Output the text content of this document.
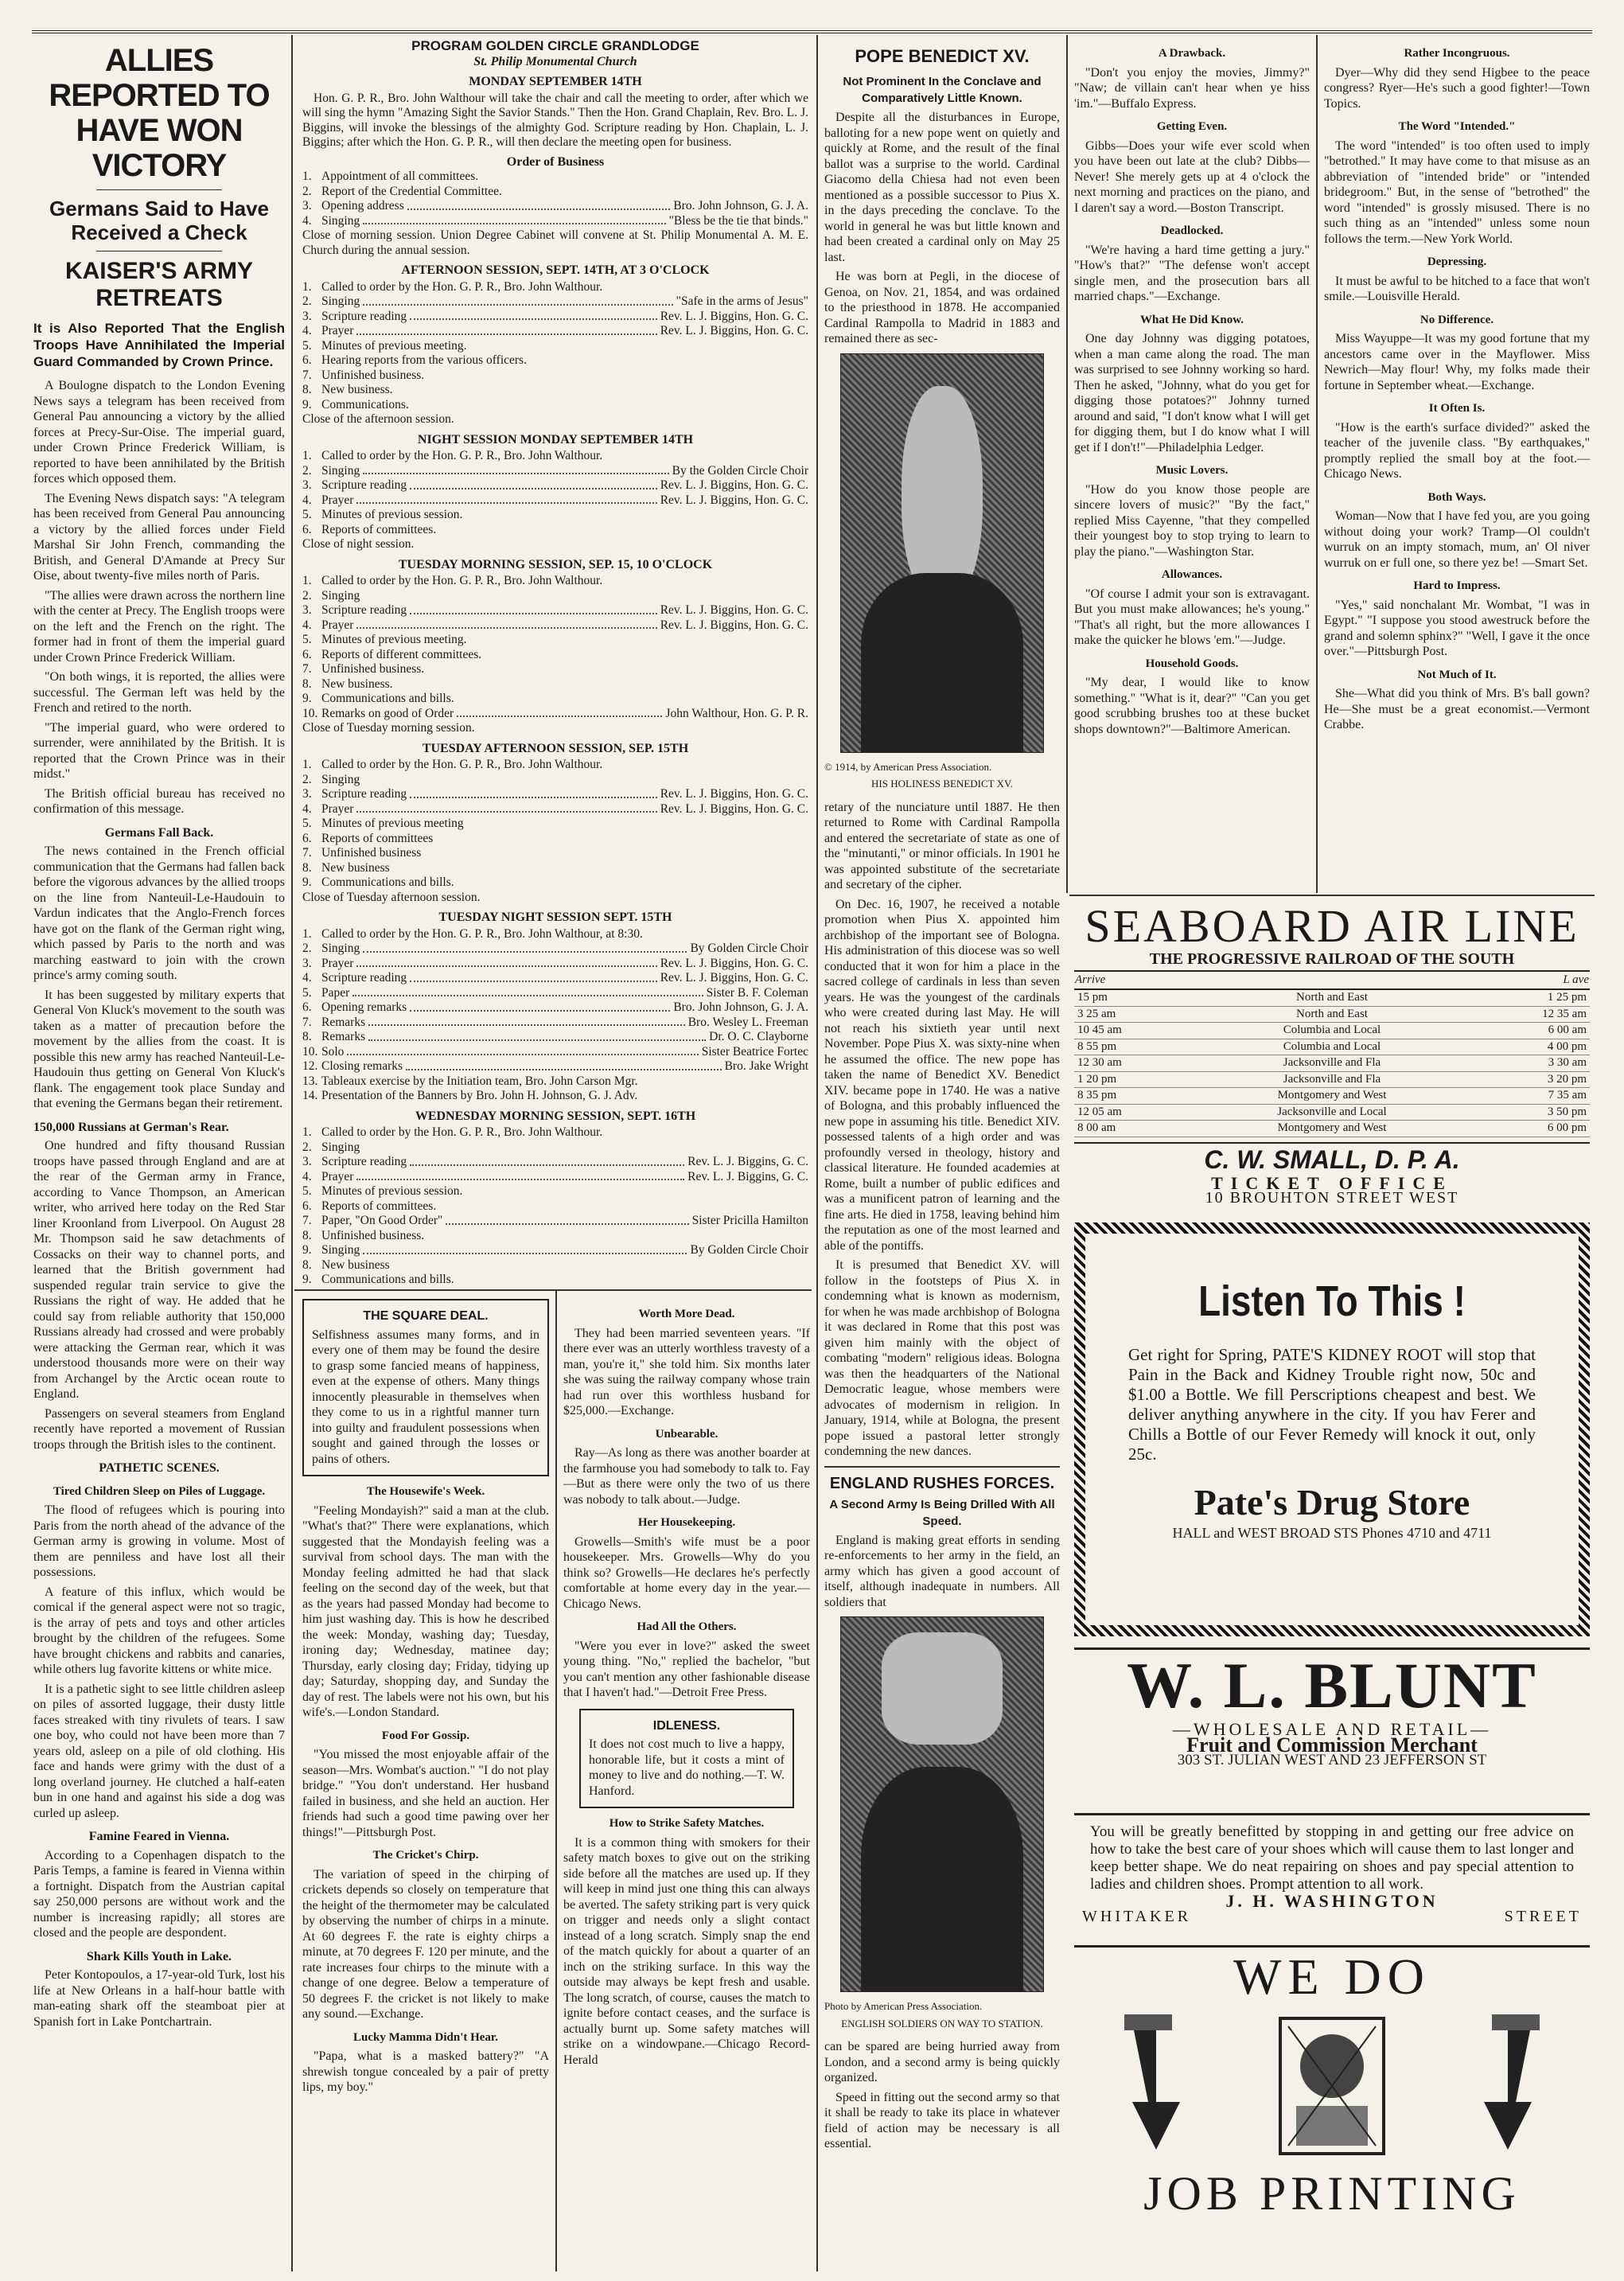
ALLIES REPORTED TO HAVE WON VICTORY
Germans Said to Have Received a Check
KAISER'S ARMY RETREATS
It is Also Reported That the English Troops Have Annihilated the Imperial Guard Commanded by Crown Prince.

A Boulogne dispatch to the London Evening News says a telegram has been received from General Pau announcing a victory by the allied forces at Precy-Sur-Oise. The imperial guard, under Crown Prince Frederick William, is reported to have been annihilated by the British forces which opposed them.

The Evening News dispatch says: "A telegram has been received from General Pau announcing a victory by the allied forces under Field Marshal Sir John French, commanding the British, and General D'Amande at Precy Sur Oise, about twenty-five miles north of Paris.

"The allies were drawn across the northern line with the center at Precy. The English troops were on the left and the French on the right. The former had in front of them the imperial guard under Crown Prince Frederick William.

"On both wings, it is reported, the allies were successful. The German left was held by the French and retired to the north.

"The imperial guard, who were ordered to surrender, were annihilated by the British. It is reported that the Crown Prince was in their midst."

The British official bureau has received no confirmation of this message.

Germans Fall Back.

The news contained in the French official communication that the Germans had fallen back before the vigorous advances by the allied troops on the line from Nanteuil-Le-Haudouin to Vardun indicates that the Anglo-French forces have got on the flank of the German right wing, which passed by Paris to the north and was marching eastward to join with the crown prince's army coming south.

It has been suggested by military experts that General Von Kluck's movement to the south was taken as a matter of precaution before the movement by the allies from the coast. It is possible this new army has reached Nanteuil-Le-Haudouin thus getting on General Von Kluck's flank. The engagement took place Sunday and that evening the Germans began their retirement.

150,000 Russians at German's Rear.

One hundred and fifty thousand Russian troops have passed through England and are at the rear of the German army in France, according to Vance Thompson, an American writer, who arrived here today on the Red Star liner Kroonland from Liverpool. On August 28 Mr. Thompson said he saw detachments of Cossacks on their way to channel ports, and learned that the British government had suspended regular train service to give the Russians the right of way. He added that he could say from reliable authority that 150,000 Russians already had crossed and were probably were attacking the German rear, which it was understood thousands more were on their way from Archangel by the Arctic ocean route to England.

Passengers on several steamers from England recently have reported a movement of Russian troops through the British isles to the continent.

PATHETIC SCENES.
Tired Children Sleep on Piles of Luggage.

The flood of refugees which is pouring into Paris from the north ahead of the advance of the German army is growing in volume. Most of them are penniless and have lost all their possessions.

A feature of this influx, which would be comical if the general aspect were not so tragic, is the array of pets and toys and other articles brought by the children of the refugees. Some have brought chickens and rabbits and canaries, while others lug favorite kittens or white mice.

It is a pathetic sight to see little children asleep on piles of assorted luggage, their dusty little faces streaked with tiny rivulets of tears. I saw one boy, who could not have been more than 7 years old, asleep on a pile of old clothing. His face and hands were grimy with the dust of a long overland journey. He clutched a half-eaten bun in one hand and against his side a dog was curled up asleep.

Famine Feared in Vienna.

According to a Copenhagen dispatch to the Paris Temps, a famine is feared in Vienna within a fortnight. Dispatch from the Austrian capital say 250,000 persons are without work and the number is increasing rapidly; all stores are closed and the people are despondent.

Shark Kills Youth in Lake.

Peter Kontopoulos, a 17-year-old Turk, lost his life at New Orleans in a half-hour battle with man-eating shark off the steamboat pier at Spanish fort in Lake Pontchartrain.

PROGRAM GOLDEN CIRCLE GRANDLODGE
St. Philip Monumental Church
MONDAY SEPTEMBER 14TH

Hon. G. P. R., Bro. John Walthour will take the chair and call the meeting to order, after which we will sing the hymn "Amazing Sight the Savior Stands." Then the Hon. Grand Chaplain, Rev. Bro. L. J. Biggins, will invoke the blessings of the almighty God. Scripture reading by Hon. Chaplain, L. J. Biggins; after which the Hon. G. P. R., will then declare the meeting open for business.

Order of Business
1. Appointment of all committees.
2. Report of the Credential Committee.
3. Opening address	Bro. John Johnson, G. J. A.
4. Singing	"Bless be the tie that binds."

Close of morning session. Union Degree Cabinet will convene at St. Philip Monumental A. M. E. Church during the annual session.

AFTERNOON SESSION, SEPT. 14TH, AT 3 O'CLOCK
1. Called to order by the Hon. G. P. R., Bro. John Walthour.
2. Singing	"Safe in the arms of Jesus"
3. Scripture reading	Rev. L. J. Biggins, Hon. G. C.
4. Prayer	Rev. L. J. Biggins, Hon. G. C.
5. Minutes of previous meeting.
6. Hearing reports from the various officers.
7. Unfinished business.
8. New business.
9. Communications.

Close of the afternoon session.

NIGHT SESSION MONDAY SEPTEMBER 14TH
1. Called to order by the Hon. G. P. R., Bro. John Walthour.
2. Singing	By the Golden Circle Choir
3. Scripture reading	Rev. L. J. Biggins, Hon. G. C.
4. Prayer	Rev. L. J. Biggins, Hon. G. C.
5. Minutes of previous session.
6. Reports of committees.

Close of night session.

TUESDAY MORNING SESSION, SEP. 15, 10 O'CLOCK
1. Called to order by the Hon. G. P. R., Bro. John Walthour.
2. Singing
3. Scripture reading	Rev. L. J. Biggins, Hon. G. C.
4. Prayer	Rev. L. J. Biggins, Hon. G. C.
5. Minutes of previous meeting.
6. Reports of different committees.
7. Unfinished business.
8. New business.
9. Communications and bills.
10. Remarks on good of Order	John Walthour, Hon. G. P. R.

Close of Tuesday morning session.

TUESDAY AFTERNOON SESSION, SEP. 15TH
1. Called to order by the Hon. G. P. R., Bro. John Walthour.
2. Singing
3. Scripture reading	Rev. L. J. Biggins, Hon. G. C.
4. Prayer	Rev. L. J. Biggins, Hon. G. C.
5. Minutes of previous meeting
6. Reports of committees
7. Unfinished business
8. New business
9. Communications and bills.

Close of Tuesday afternoon session.

TUESDAY NIGHT SESSION SEPT. 15TH
1. Called to order by the Hon. G. P. R., Bro. John Walthour, at 8:30.
2. Singing	By Golden Circle Choir
3. Prayer	Rev. L. J. Biggins, Hon. G. C.
4. Scripture reading	Rev. L. J. Biggins, Hon. G. C.
5. Paper	Sister B. F. Coleman
6. Opening remarks	Bro. John Johnson, G. J. A.
7. Remarks	Bro. Wesley L. Freeman
8. Remarks	Dr. O. C. Clayborne
10. Solo	Sister Beatrice Fortec
12. Closing remarks	Bro. Jake Wright
13. Tableaux exercise by the Initiation team, Bro. John Carson Mgr.
14. Presentation of the Banners by Bro. John H. Johnson, G. J. Adv.
WEDNESDAY MORNING SESSION, SEPT. 16TH
1. Called to order by the Hon. G. P. R., Bro. John Walthour.
2. Singing
3. Scripture reading	Rev. L. J. Biggins, G. C.
4. Prayer	Rev. L. J. Biggins, G. C.
5. Minutes of previous session.
6. Reports of committees.
7. Paper, "On Good Order"	Sister Pricilla Hamilton
8. Unfinished business.
9. Singing	By Golden Circle Choir
8. New business
9. Communications and bills.

THE SQUARE DEAL.
Selfishness assumes many forms, and in every one of them may be found the desire to grasp some fancied means of happiness, even at the expense of others. Many things innocently pleasurable in themselves when they come to us in a rightful manner turn into guilty and fraudulent possessions when sought and gained through the losses or pains of others.
The Housewife's Week.

"Feeling Mondayish?" said a man at the club. "What's that?" There were explanations, which suggested that the Mondayish feeling was a survival from school days. The man with the Monday feeling admitted he had that slack feeling on the second day of the week, but that as the years had passed Monday had become to him just washing day. This is how he described the week: Monday, washing day; Tuesday, ironing day; Wednesday, matinee day; Thursday, early closing day; Friday, tidying up day; Saturday, shopping day, and Sunday the day of rest. The labels were not his own, but his wife's.—London Standard.

Food For Gossip.

"You missed the most enjoyable affair of the season—Mrs. Wombat's auction." "I do not play bridge." "You don't understand. Her husband failed in business, and she held an auction. Her friends had such a good time pawing over her things!"—Pittsburgh Post.

The Cricket's Chirp.

The variation of speed in the chirping of crickets depends so closely on temperature that the height of the thermometer may be calculated by observing the number of chirps in a minute. At 60 degrees F. the rate is eighty chirps a minute, at 70 degrees F. 120 per minute, and the rate increases four chirps to the minute with a change of one degree. Below a temperature of 50 degrees F. the cricket is not likely to make any sound.—Exchange.

Lucky Mamma Didn't Hear.

"Papa, what is a masked battery?" "A shrewish tongue concealed by a pair of pretty lips, my boy."

Worth More Dead.

They had been married seventeen years. "If there ever was an utterly worthless travesty of a man, you're it," she told him. Six months later she was suing the railway company whose train had run over this worthless husband for $25,000.—Exchange.

Unbearable.

Ray—As long as there was another boarder at the farmhouse you had somebody to talk to. Fay—But as there were only the two of us there was nobody to talk about.—Judge.

Her Housekeeping.

Growells—Smith's wife must be a poor housekeeper. Mrs. Growells—Why do you think so? Growells—He declares he's perfectly comfortable at home every day in the year.—Chicago News.

Had All the Others.

"Were you ever in love?" asked the sweet young thing. "No," replied the bachelor, "but you can't mention any other fashionable disease that I haven't had."—Detroit Free Press.

IDLENESS.
It does not cost much to live a happy, honorable life, but it costs a mint of money to live and do nothing.—T. W. Hanford.
How to Strike Safety Matches.

It is a common thing with smokers for their safety match boxes to give out on the striking side before all the matches are used up. If they will keep in mind just one thing this can always be averted. The safety striking part is very quick on trigger and needs only a slight contact instead of a long scratch. Simply snap the end of the match quickly for about a quarter of an inch on the striking surface. In this way the outside may always be kept fresh and usable. The long scratch, of course, causes the match to ignite before contact ceases, and the surface is actually burnt up. Some safety matches will strike on a windowpane.—Chicago Record-Herald

POPE BENEDICT XV.
Not Prominent In the Conclave and Comparatively Little Known.

Despite all the disturbances in Europe, balloting for a new pope went on quietly and quickly at Rome, and the result of the final ballot was a surprise to the world. Cardinal Giacomo della Chiesa had not even been mentioned as a possible successor to Pius X. in the days preceding the conclave. To the world in general he was but little known and had been created a cardinal only on May 25 last.

He was born at Pegli, in the diocese of Genoa, on Nov. 21, 1854, and was ordained to the priesthood in 1878. He accompanied Cardinal Rampolla to Madrid in 1883 and remained there as sec-

© 1914, by American Press Association.
HIS HOLINESS BENEDICT XV.

retary of the nunciature until 1887. He then returned to Rome with Cardinal Rampolla and entered the secretariate of state as one of the "minutanti," or minor officials. In 1901 he was appointed substitute of the secretariate and secretary of the cipher.

On Dec. 16, 1907, he received a notable promotion when Pius X. appointed him archbishop of the important see of Bologna. His administration of this diocese was so well conducted that it won for him a place in the sacred college of cardinals in less than seven years. He was the youngest of the cardinals who were created during last May. He will not reach his sixtieth year until next November. Pope Pius X. was sixty-nine when he assumed the office. The new pope has taken the name of Benedict XV. Benedict XIV. became pope in 1740. He was a native of Bologna, and this probably influenced the new pope in assuming his title. Benedict XIV. possessed talents of a high order and was profoundly versed in theology, history and classical literature. He founded academies at Rome, built a number of public edifices and was a munificent patron of learning and the fine arts. He died in 1758, leaving behind him the reputation as one of the most learned and able of the pontiffs.

It is presumed that Benedict XV. will follow in the footsteps of Pius X. in condemning what is known as modernism, for when he was made archbishop of Bologna it was declared in Rome that this post was given him mainly with the object of combating "modern" religious ideas. Bologna was then the headquarters of the National Democratic league, whose members were advocates of modernism in religion. In January, 1914, while at Bologna, the present pope issued a pastoral letter strongly condemning the new dances.

ENGLAND RUSHES FORCES.
A Second Army Is Being Drilled With All Speed.

England is making great efforts in sending re-enforcements to her army in the field, an army which has given a good account of itself, although inadequate in numbers. All soldiers that

Photo by American Press Association.
ENGLISH SOLDIERS ON WAY TO STATION.

can be spared are being hurried away from London, and a second army is being quickly organized.

Speed in fitting out the second army so that it shall be ready to take its place in whatever field of action may be necessary is all essential.

A Drawback.

"Don't you enjoy the movies, Jimmy?" "Naw; de villain can't hear when ye hiss 'im."—Buffalo Express.

Getting Even.

Gibbs—Does your wife ever scold when you have been out late at the club? Dibbs—Never! She merely gets up at 4 o'clock the next morning and practices on the piano, and I daren't say a word.—Boston Transcript.

Deadlocked.

"We're having a hard time getting a jury." "How's that?" "The defense won't accept single men, and the prosecution bars all married chaps."—Exchange.

What He Did Know.

One day Johnny was digging potatoes, when a man came along the road. The man was surprised to see Johnny working so hard. Then he asked, "Johnny, what do you get for digging those potatoes?" Johnny turned around and said, "I don't know what I will get for digging them, but I do know what I will get if I don't!"—Philadelphia Ledger.

Music Lovers.

"How do you know those people are sincere lovers of music?" "By the fact," replied Miss Cayenne, "that they compelled their youngest boy to stop trying to learn to play the piano."—Washington Star.

Allowances.

"Of course I admit your son is extravagant. But you must make allowances; he's young." "That's all right, but the more allowances I make the quicker he blows 'em."—Judge.

Household Goods.

"My dear, I would like to know something." "What is it, dear?" "Can you get good scrubbing brushes too at these bucket shops downtown?"—Baltimore American.

Rather Incongruous.

Dyer—Why did they send Higbee to the peace congress? Ryer—He's such a good fighter!—Town Topics.

The Word "Intended."

The word "intended" is too often used to imply "betrothed." It may have come to that misuse as an abbreviation of "intended bride" or "intended bridegroom." But, in the sense of "betrothed" the word "intended" is grossly misused. There is no such thing as an "intended" unless some noun follows the term.—New York World.

Depressing.

It must be awful to be hitched to a face that won't smile.—Louisville Herald.

No Difference.

Miss Wayuppe—It was my good fortune that my ancestors came over in the Mayflower. Miss Newrich—May flour! Why, my folks made their fortune in September wheat.—Exchange.

It Often Is.

"How is the earth's surface divided?" asked the teacher of the juvenile class. "By earthquakes," promptly replied the small boy at the foot.—Chicago News.

Both Ways.

Woman—Now that I have fed you, are you going without doing your work? Tramp—Ol couldn't wurruk on an impty stomach, mum, an' Ol niver wurruk on er full one, so there yez be! —Smart Set.

Hard to Impress.

"Yes," said nonchalant Mr. Wombat, "I was in Egypt." "I suppose you stood awestruck before the grand and solemn sphinx?" "Well, I gave it the once over."—Pittsburgh Post.

Not Much of It.

She—What did you think of Mrs. B's ball gown? He—She must be a great economist.—Vermont Crabbe.

SEABOARD AIR LINE
THE PROGRESSIVE RAILROAD OF THE SOUTH
Arrive		L ave
15 pm	North and East	1 25 pm
3 25 am	North and East	12 35 am
10 45 am	Columbia and Local	6 00 am
8 55 pm	Columbia and Local	4 00 pm
12 30 am	Jacksonville and Fla	3 30 am
1 20 pm	Jacksonville and Fla	3 20 pm
8 35 pm	Montgomery and West	7 35 am
12 05 am	Jacksonville and Local	3 50 pm
8 00 am	Montgomery and West	6 00 pm
C. W. SMALL, D. P. A.
TICKET OFFICE
10 BROUHTON STREET WEST
Listen To This !
Get right for Spring, PATE'S KIDNEY ROOT will stop that Pain in the Back and Kidney Trouble right now, 50c and $1.00 a Bottle. We fill Perscriptions cheapest and best. We deliver anything anywhere in the city. If you hav Ferer and Chills a Bottle of our Fever Remedy will knock it out, only 25c.
Pate's Drug Store
HALL and WEST BROAD STS Phones 4710 and 4711
W. L. BLUNT
—WHOLESALE AND RETAIL—
Fruit and Commission Merchant
303 ST. JULIAN WEST AND 23 JEFFERSON ST
You will be greatly benefitted by stopping in and getting our free advice on how to take the best care of your shoes which will cause them to last longer and keep better shape. We do neat repairing on shoes and pay special attention to ladies and children shoes. Prompt attention to all work.
J. H. WASHINGTON
WHITAKER	STREET
WE DO
JOB PRINTING
